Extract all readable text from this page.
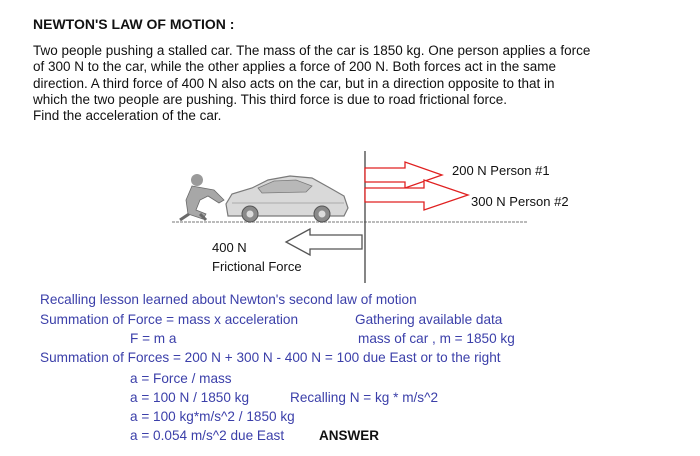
NEWTON'S LAW OF MOTION :
Two people pushing a stalled car. The mass of the car is 1850 kg. One person applies a force
of 300 N to the car, while the other applies a force of 200 N. Both forces act in the same
direction. A third force of 400 N also acts on the car, but in a direction opposite to that in
which the two people are pushing. This third force is due to road frictional force.
Find the acceleration of the car.
200 N Person #1
300 N Person #2
400 N
Frictional Force
Recalling lesson learned about Newton's second law of motion
Summation of Force = mass x acceleration	Gathering available data
F = m a	mass of car , m = 1850 kg
Summation of Forces = 200 N + 300 N - 400 N = 100 due East or to the right
a = Force / mass
a = 100 N / 1850 kg	Recalling N = kg * m/s^2
a = 100 kg*m/s^2 / 1850 kg
a = 0.054 m/s^2 due East	ANSWER
